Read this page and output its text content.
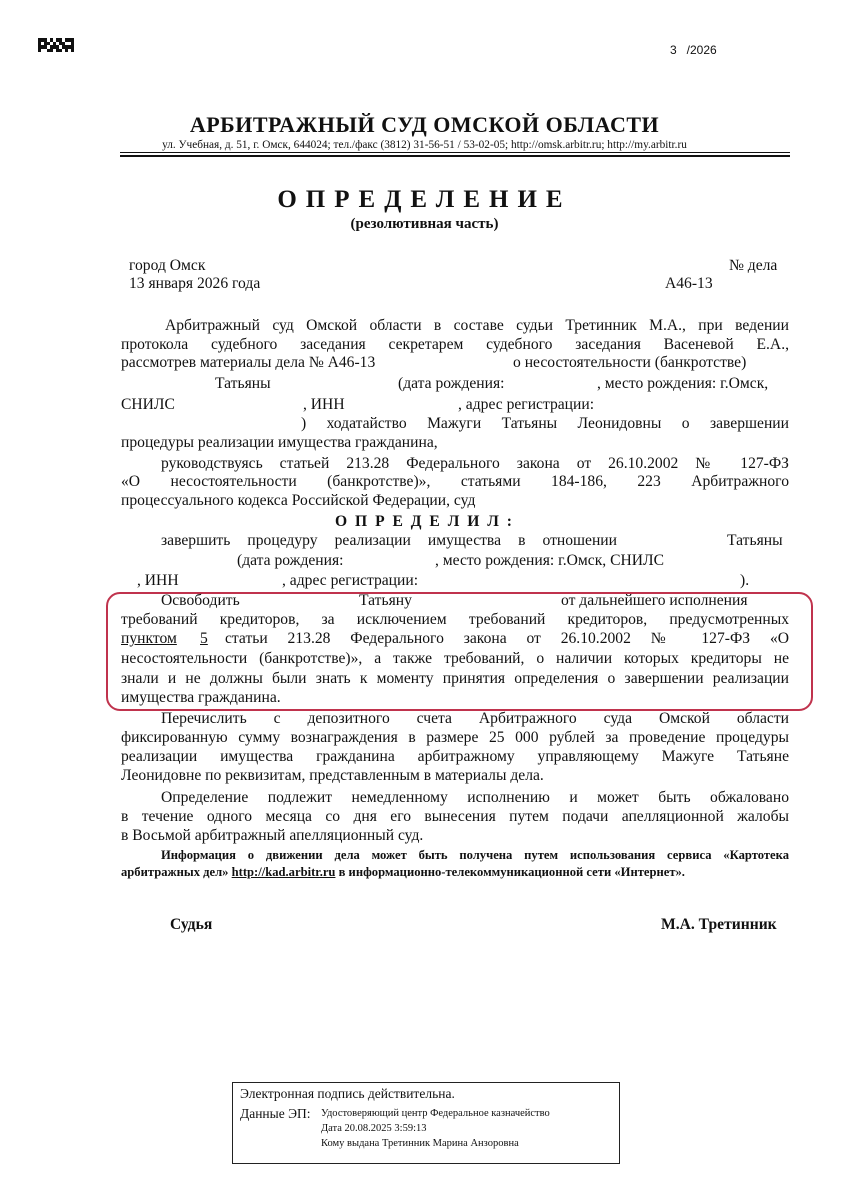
3   /2026
АРБИТРАЖНЫЙ СУД ОМСКОЙ ОБЛАСТИ
ул. Учебная, д. 51, г. Омск, 644024; тел./факс (3812) 31-56-51 / 53-02-05; http://omsk.arbitr.ru; http://my.arbitr.ru
ОПРЕДЕЛЕНИЕ
(резолютивная часть)
город Омск
13 января 2026 года
№ дела
А46-13
Арбитражный суд Омской области в составе судьи Третинник М.А., при ведении
протокола судебного заседания секретарем судебного заседания Васеневой Е.А.,
рассмотрев материалы дела № А46-13	о несостоятельности (банкротстве)
Татьяны	(дата рождения:	, место рождения: г.Омск,
СНИЛС	, ИНН	, адрес регистрации:
) ходатайство Мажуги Татьяны Леонидовны о завершении
процедуры реализации имущества гражданина,
руководствуясь статьей 213.28 Федерального закона от 26.10.2002 № 127-ФЗ
«О несостоятельности (банкротстве)», статьями 184-186, 223 Арбитражного
процессуального кодекса Российской Федерации, суд
О П Р Е Д Е Л И Л :
завершить процедуру реализации имущества в отношении	Татьяны
(дата рождения:	, место рождения: г.Омск, СНИЛС
, ИНН	, адрес регистрации:	).
Освободить	Татьяну	от дальнейшего исполнения
требований кредиторов, за исключением требований кредиторов, предусмотренных
пунктом 5 статьи 213.28 Федерального закона от 26.10.2002 № 127-ФЗ «О
несостоятельности (банкротстве)», а также требований, о наличии которых кредиторы не
знали и не должны были знать к моменту принятия определения о завершении реализации
имущества гражданина.
Перечислить с депозитного счета Арбитражного суда Омской области
фиксированную сумму вознаграждения в размере 25 000 рублей за проведение процедуры
реализации имущества гражданина арбитражному управляющему Мажуге Татьяне
Леонидовне по реквизитам, представленным в материалы дела.
Определение подлежит немедленному исполнению и может быть обжаловано
в течение одного месяца со дня его вынесения путем подачи апелляционной жалобы
в Восьмой арбитражный апелляционный суд.
Информация о движении дела может быть получена путем использования сервиса «Картотека
арбитражных дел» http://kad.arbitr.ru в информационно-телекоммуникационной сети «Интернет».
Судья	М.А. Третинник
Электронная подпись действительна.
Данные ЭП: Удостоверяющий центр Федеральное казначейство
Дата 20.08.2025 3:59:13
Кому выдана Третинник Марина Анзоровна
